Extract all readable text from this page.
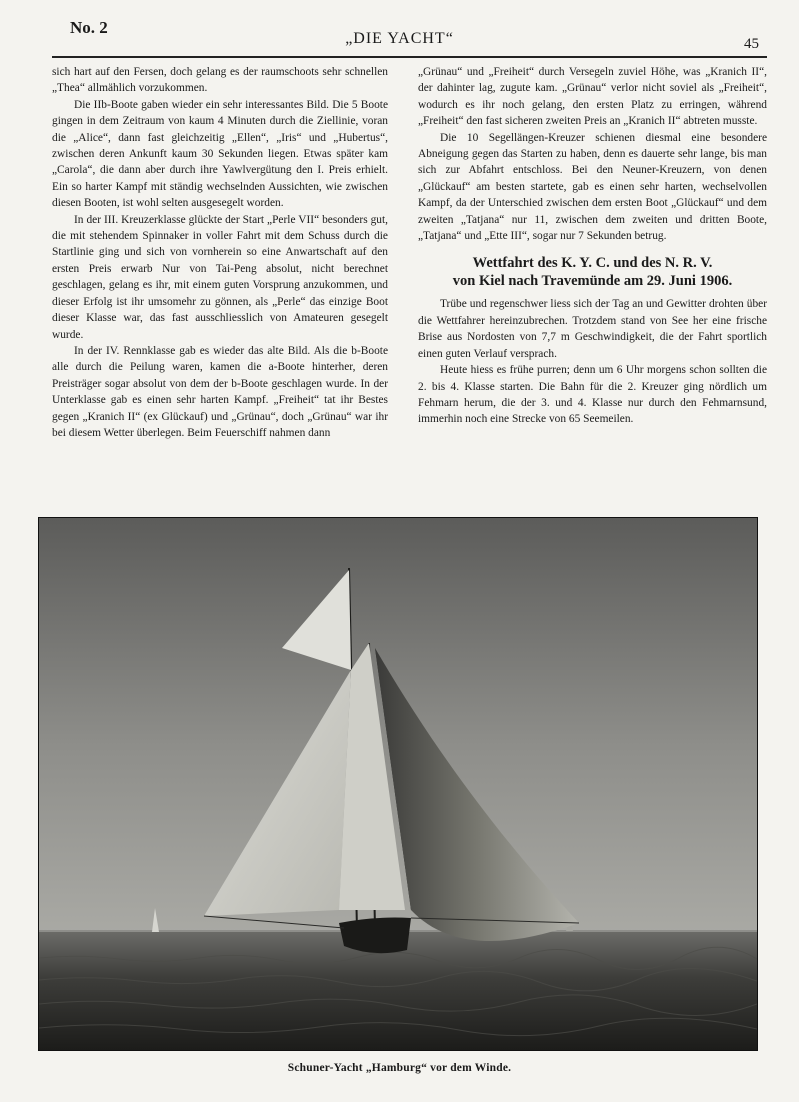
No. 2
„DIE YACHT“	45

sich hart auf den Fersen, doch gelang es der raumschoots sehr schnellen „Thea“ allmählich vorzukommen.

Die IIb-Boote gaben wieder ein sehr interessantes Bild. Die 5 Boote gingen in dem Zeitraum von kaum 4 Minuten durch die Ziellinie, voran die „Alice“, dann fast gleichzeitig „Ellen“, „Iris“ und „Hubertus“, zwischen deren Ankunft kaum 30 Sekunden liegen. Etwas später kam „Carola“, die dann aber durch ihre Yawlvergütung den I. Preis erhielt. Ein so harter Kampf mit ständig wechselnden Aussichten, wie zwischen diesen Booten, ist wohl selten ausgesegelt worden.

In der III. Kreuzerklasse glückte der Start „Perle VII“ besonders gut, die mit stehendem Spinnaker in voller Fahrt mit dem Schuss durch die Startlinie ging und sich von vornherein so eine Anwartschaft auf den ersten Preis erwarb Nur von Tai-Peng absolut, nicht berechnet geschlagen, gelang es ihr, mit einem guten Vorsprung anzukommen, und dieser Erfolg ist ihr umsomehr zu gönnen, als „Perle“ das einzige Boot dieser Klasse war, das fast ausschliesslich von Amateuren gesegelt wurde.

In der IV. Rennklasse gab es wieder das alte Bild. Als die b-Boote alle durch die Peilung waren, kamen die a-Boote hinterher, deren Preisträger sogar absolut von dem der b-Boote geschlagen wurde. In der Unterklasse gab es einen sehr harten Kampf. „Freiheit“ tat ihr Bestes gegen „Kranich II“ (ex Glückauf) und „Grünau“, doch „Grünau“ war ihr bei diesem Wetter überlegen. Beim Feuerschiff nahmen dann

„Grünau“ und „Freiheit“ durch Versegeln zuviel Höhe, was „Kranich II“, der dahinter lag, zugute kam. „Grünau“ verlor nicht soviel als „Freiheit“, wodurch es ihr noch gelang, den ersten Platz zu erringen, während „Freiheit“ den fast sicheren zweiten Preis an „Kranich II“ abtreten musste.

Die 10 Segellängen-Kreuzer schienen diesmal eine besondere Abneigung gegen das Starten zu haben, denn es dauerte sehr lange, bis man sich zur Abfahrt entschloss. Bei den Neuner-Kreuzern, von denen „Glückauf“ am besten startete, gab es einen sehr harten, wechselvollen Kampf, da der Unterschied zwischen dem ersten Boot „Glückauf“ und dem zweiten „Tatjana“ nur 11, zwischen dem zweiten und dritten Boote, „Tatjana“ und „Ette III“, sogar nur 7 Sekunden betrug.

Wettfahrt des K. Y. C. und des N. R. V.
von Kiel nach Travemünde am 29. Juni 1906.

Trübe und regenschwer liess sich der Tag an und Gewitter drohten über die Wettfahrer hereinzubrechen. Trotzdem stand von See her eine frische Brise aus Nordosten von 7,7 m Geschwindigkeit, die der Fahrt sportlich einen guten Verlauf versprach.

Heute hiess es frühe purren; denn um 6 Uhr morgens schon sollten die 2. bis 4. Klasse starten. Die Bahn für die 2. Kreuzer ging nördlich um Fehmarn herum, die der 3. und 4. Klasse nur durch den Fehmarnsund, immerhin noch eine Strecke von 65 Seemeilen.

Schuner-Yacht „Hamburg“ vor dem Winde.
